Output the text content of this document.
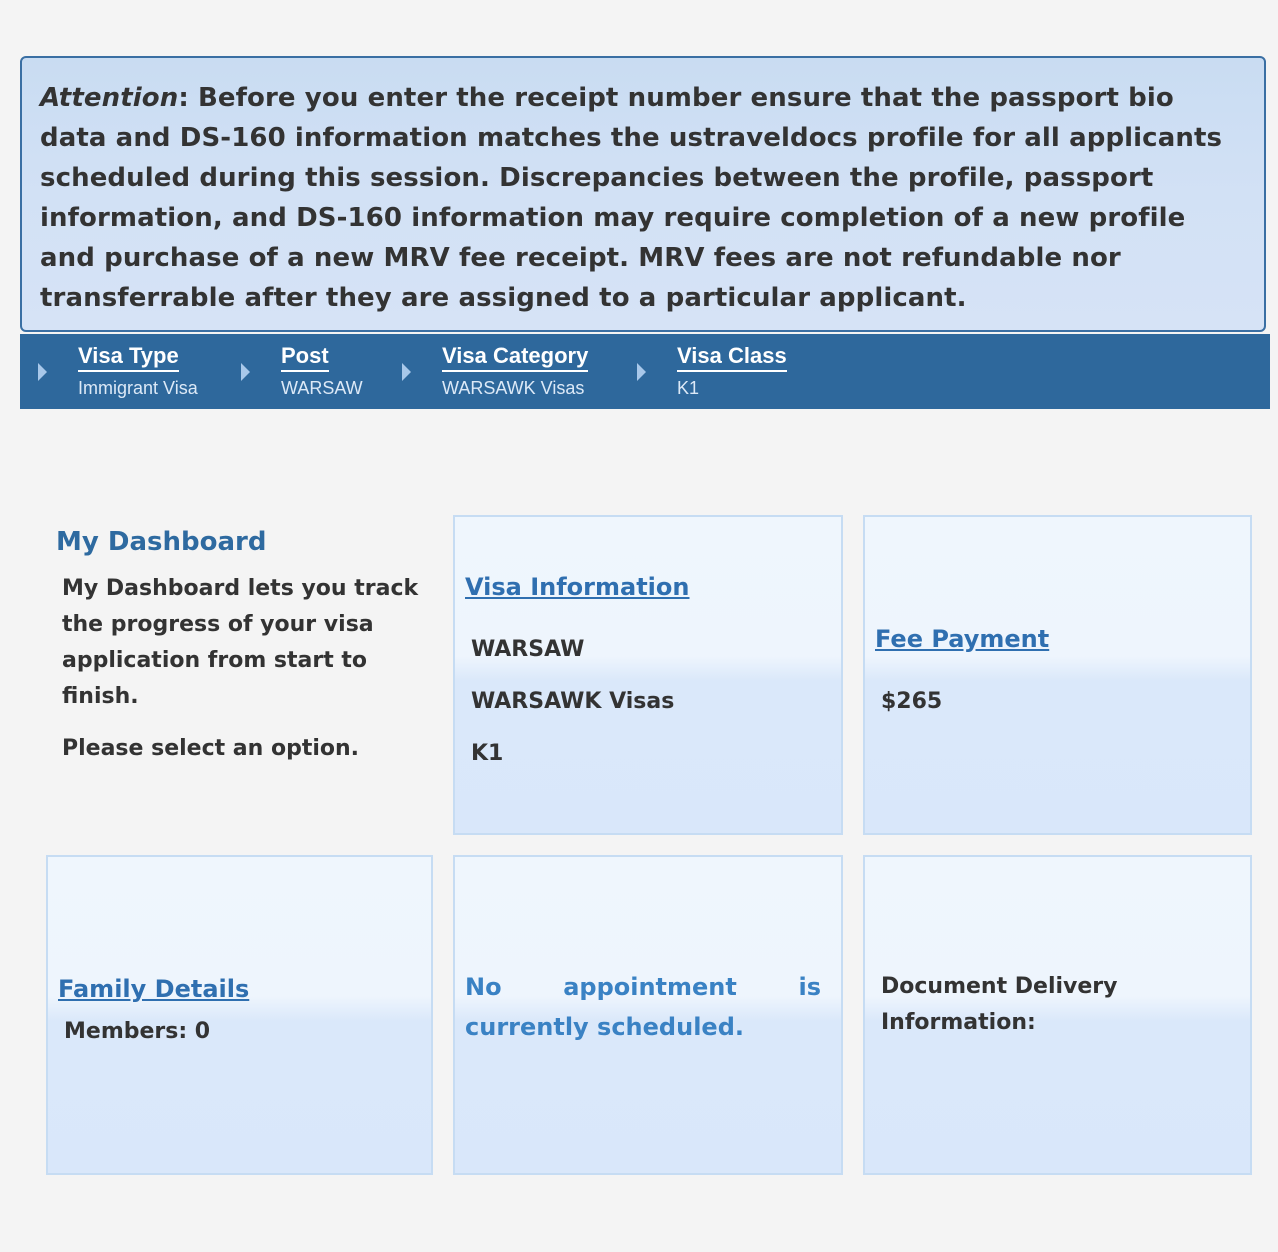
Attention: Before you enter the receipt number ensure that the passport bio data and DS-160 information matches the ustraveldocs profile for all applicants scheduled during this session. Discrepancies between the profile, passport information, and DS-160 information may require completion of a new profile and purchase of a new MRV fee receipt. MRV fees are not refundable nor transferrable after they are assigned to a particular applicant.

Visa Type
Immigrant Visa
Post
WARSAW
Visa Category
WARSAWK Visas
Visa Class
K1
My Dashboard

My Dashboard lets you track the progress of your visa application from start to finish.

Please select an option.

Visa Information
WARSAW
WARSAWK Visas
K1
Fee Payment
$265
Family Details
Members: 0
No appointment is currently scheduled.
Document Delivery Information:
